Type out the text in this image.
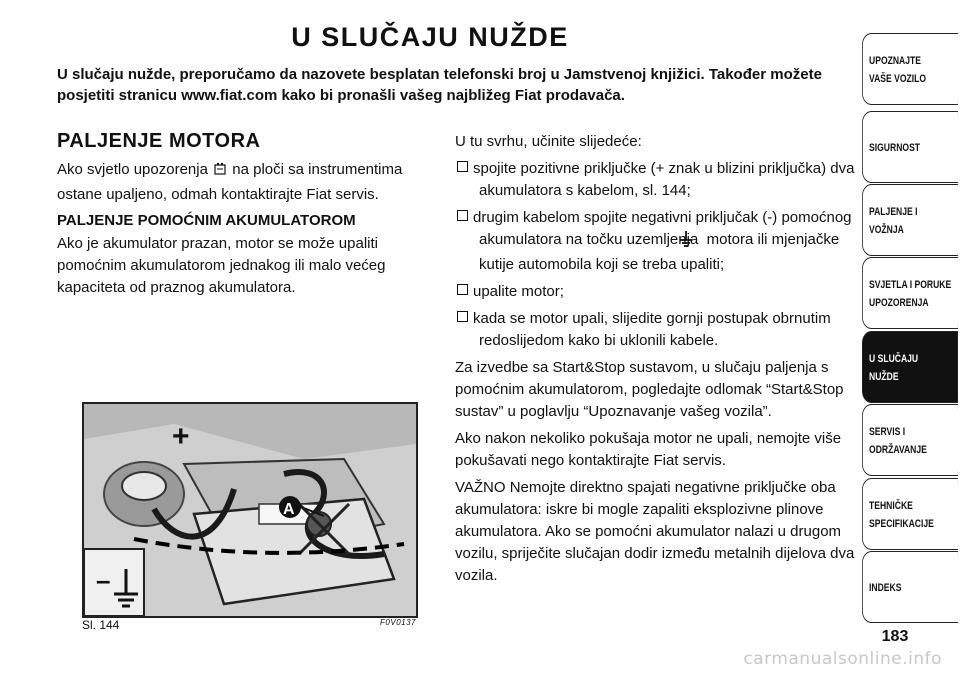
U SLUČAJU NUŽDE

U slučaju nužde, preporučamo da nazovete besplatan telefonski broj u Jamstvenoj knjižici. Također možete posjetiti stranicu www.fiat.com kako bi pronašli vašeg najbližeg Fiat prodavača.

PALJENJE MOTORA

Ako svjetlo upozorenja na ploči sa instrumentima ostane upaljeno, odmah kontaktirajte Fiat servis.

PALJENJE POMOĆNIM AKUMULATOROM

Ako je akumulator prazan, motor se može upaliti pomoćnim akumulatorom jednakog ili malo većeg kapaciteta od praznog akumulatora.

–
+
A
Sl. 144	F0V0137

U tu svrhu, učinite slijedeće:

spojite pozitivne priključke (+ znak u blizini priključka) dva akumulatora s kabelom, sl. 144;
drugim kabelom spojite negativni priključak (-) pomoćnog akumulatora na točku uzemljenja motora ili mjenjačke kutije automobila koji se treba upaliti;
upalite motor;
kada se motor upali, slijedite gornji postupak obrnutim redoslijedom kako bi uklonili kabele.

Za izvedbe sa Start&Stop sustavom, u slučaju paljenja s pomoćnim akumulatorom, pogledajte odlomak “Start&Stop sustav” u poglavlju “Upoznavanje vašeg vozila”.

Ako nakon nekoliko pokušaja motor ne upali, nemojte više pokušavati nego kontaktirajte Fiat servis.

VAŽNO Nemojte direktno spajati negativne priključke oba akumulatora: iskre bi mogle zapaliti eksplozivne plinove akumulatora. Ako se pomoćni akumulator nalazi u drugom vozilu, spriječite slučajan dodir između metalnih dijelova dva vozila.

UPOZNAJTE
VAŠE VOZILO
SIGURNOST
PALJENJE I
VOŽNJA
SVJETLA I PORUKE
UPOZORENJA
U SLUČAJU
NUŽDE
SERVIS I
ODRŽAVANJE
TEHNIČKE
SPECIFIKACIJE
INDEKS
183
carmanualsonline.info
